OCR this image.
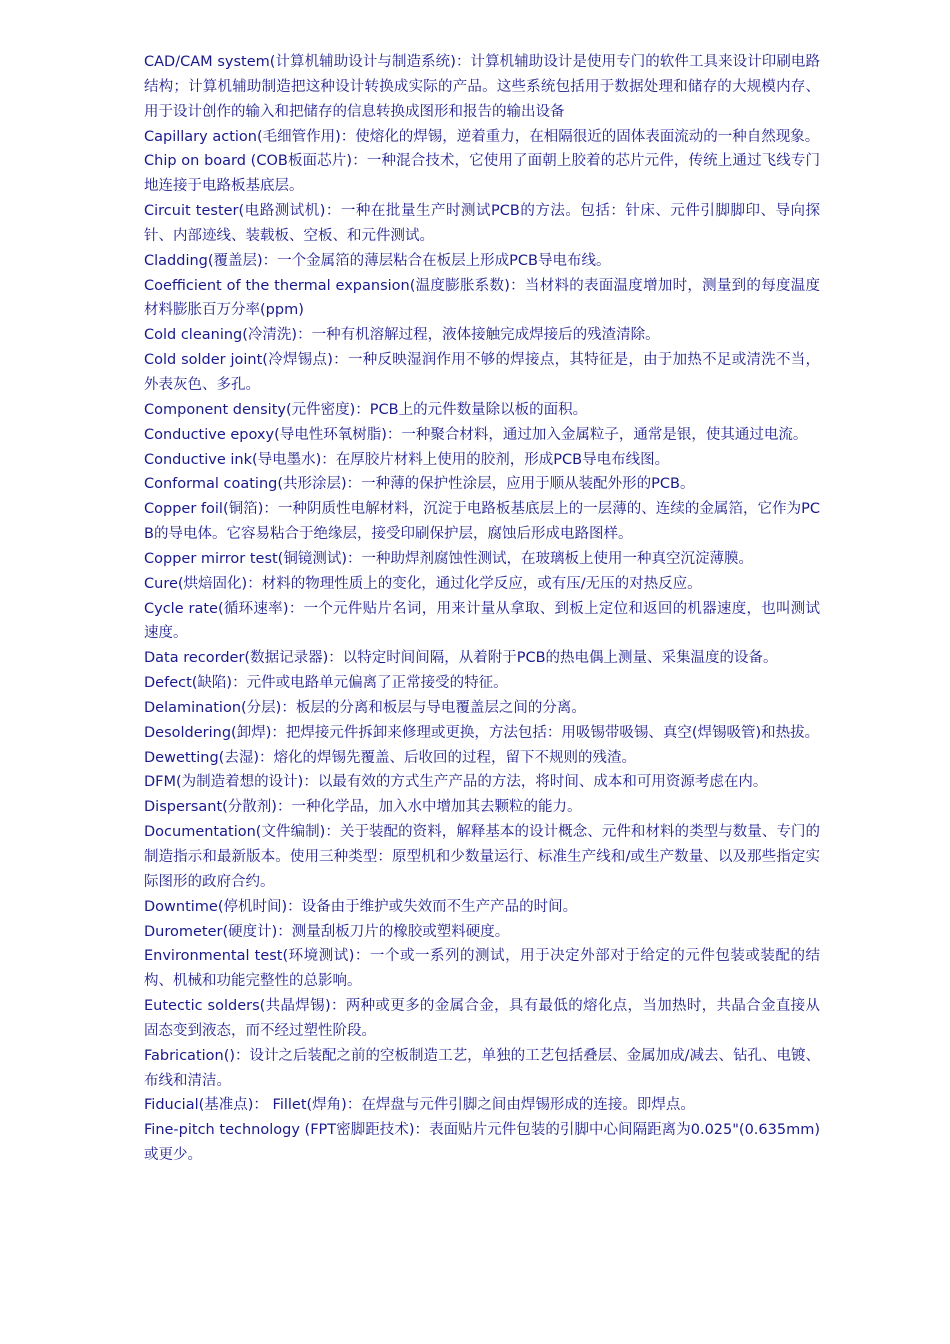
CAD/CAM system(计算机辅助设计与制造系统)：计算机辅助设计是使用专门的软件工具来设计印刷电路结构；计算机辅助制造把这种设计转换成实际的产品。这些系统包括用于数据处理和储存的大规模内存、用于设计创作的输入和把储存的信息转换成图形和报告的输出设备

Capillary action(毛细管作用)：使熔化的焊锡，逆着重力，在相隔很近的固体表面流动的一种自然现象。

Chip on board (COB板面芯片)：一种混合技术，它使用了面朝上胶着的芯片元件，传统上通过飞线专门地连接于电路板基底层。

Circuit tester(电路测试机)：一种在批量生产时测试PCB的方法。包括：针床、元件引脚脚印、导向探针、内部迹线、装载板、空板、和元件测试。

Cladding(覆盖层)：一个金属箔的薄层粘合在板层上形成PCB导电布线。

Coefficient of the thermal expansion(温度膨胀系数)：当材料的表面温度增加时，测量到的每度温度材料膨胀百万分率(ppm)

Cold cleaning(冷清洗)：一种有机溶解过程，液体接触完成焊接后的残渣清除。

Cold solder joint(冷焊锡点)：一种反映湿润作用不够的焊接点，其特征是，由于加热不足或清洗不当，外表灰色、多孔。

Component density(元件密度)：PCB上的元件数量除以板的面积。

Conductive epoxy(导电性环氧树脂)：一种聚合材料，通过加入金属粒子，通常是银，使其通过电流。

Conductive ink(导电墨水)：在厚胶片材料上使用的胶剂，形成PCB导电布线图。

Conformal coating(共形涂层)：一种薄的保护性涂层，应用于顺从装配外形的PCB。

Copper foil(铜箔)：一种阴质性电解材料，沉淀于电路板基底层上的一层薄的、连续的金属箔，它作为PCB的导电体。它容易粘合于绝缘层，接受印刷保护层，腐蚀后形成电路图样。

Copper mirror test(铜镜测试)：一种助焊剂腐蚀性测试，在玻璃板上使用一种真空沉淀薄膜。

Cure(烘焙固化)：材料的物理性质上的变化，通过化学反应，或有压/无压的对热反应。

Cycle rate(循环速率)：一个元件贴片名词，用来计量从拿取、到板上定位和返回的机器速度，也叫测试速度。

Data recorder(数据记录器)：以特定时间间隔，从着附于PCB的热电偶上测量、采集温度的设备。

Defect(缺陷)：元件或电路单元偏离了正常接受的特征。

Delamination(分层)：板层的分离和板层与导电覆盖层之间的分离。

Desoldering(卸焊)：把焊接元件拆卸来修理或更换，方法包括：用吸锡带吸锡、真空(焊锡吸管)和热拔。

Dewetting(去湿)：熔化的焊锡先覆盖、后收回的过程，留下不规则的残渣。

DFM(为制造着想的设计)：以最有效的方式生产产品的方法，将时间、成本和可用资源考虑在内。

Dispersant(分散剂)：一种化学品，加入水中增加其去颗粒的能力。

Documentation(文件编制)：关于装配的资料，解释基本的设计概念、元件和材料的类型与数量、专门的制造指示和最新版本。使用三种类型：原型机和少数量运行、标准生产线和/或生产数量、以及那些指定实际图形的政府合约。

Downtime(停机时间)：设备由于维护或失效而不生产产品的时间。

Durometer(硬度计)：测量刮板刀片的橡胶或塑料硬度。

Environmental test(环境测试)：一个或一系列的测试，用于决定外部对于给定的元件包装或装配的结构、机械和功能完整性的总影响。

Eutectic solders(共晶焊锡)：两种或更多的金属合金，具有最低的熔化点，当加热时，共晶合金直接从固态变到液态，而不经过塑性阶段。

Fabrication()：设计之后装配之前的空板制造工艺，单独的工艺包括叠层、金属加成/减去、钻孔、电镀、布线和清洁。

Fiducial(基准点)： Fillet(焊角)：在焊盘与元件引脚之间由焊锡形成的连接。即焊点。

Fine-pitch technology (FPT密脚距技术)：表面贴片元件包装的引脚中心间隔距离为0.025"(0.635mm)或更少。
